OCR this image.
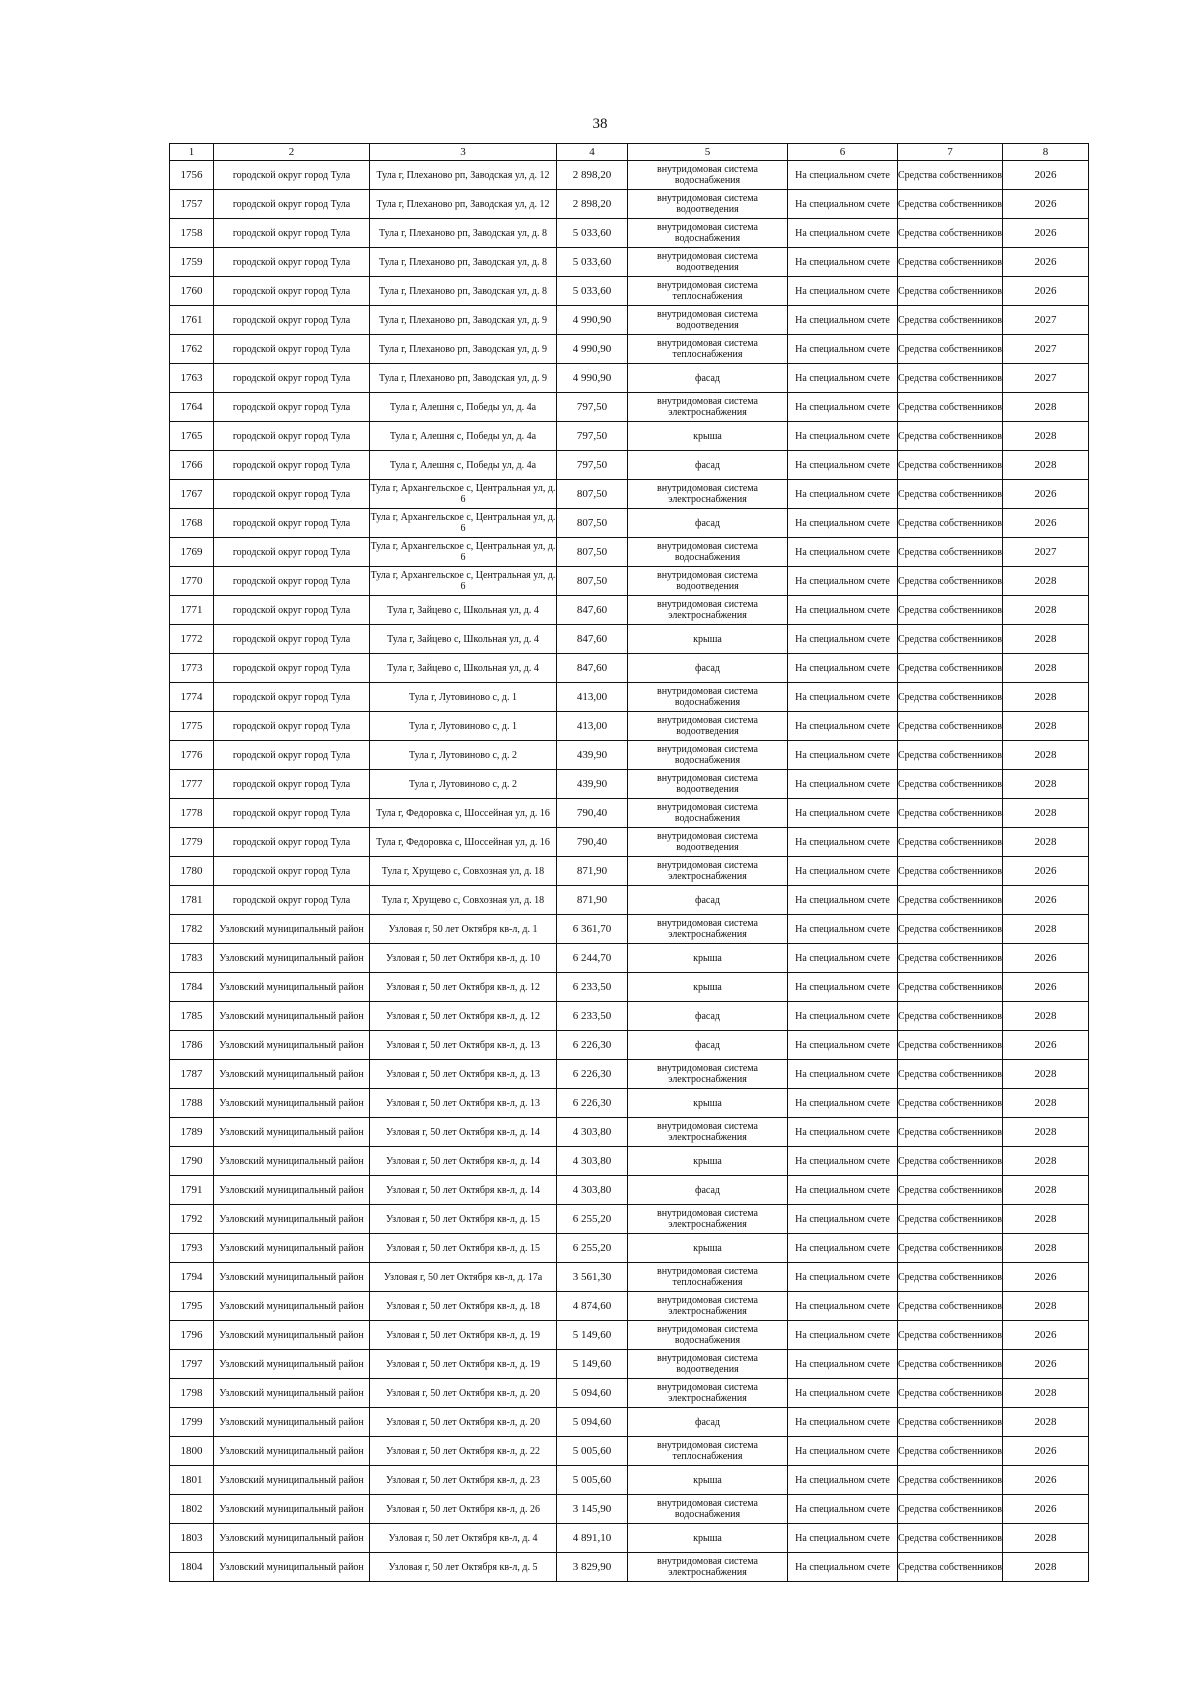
38
1	2	3	4	5	6	7	8
1756	городской округ город Тула	Тула г, Плеханово рп, Заводская ул, д. 12	2 898,20	внутридомовая система водоснабжения	На специальном счете	Средства собственников	2026
1757	городской округ город Тула	Тула г, Плеханово рп, Заводская ул, д. 12	2 898,20	внутридомовая система водоотведения	На специальном счете	Средства собственников	2026
1758	городской округ город Тула	Тула г, Плеханово рп, Заводская ул, д. 8	5 033,60	внутридомовая система водоснабжения	На специальном счете	Средства собственников	2026
1759	городской округ город Тула	Тула г, Плеханово рп, Заводская ул, д. 8	5 033,60	внутридомовая система водоотведения	На специальном счете	Средства собственников	2026
1760	городской округ город Тула	Тула г, Плеханово рп, Заводская ул, д. 8	5 033,60	внутридомовая система теплоснабжения	На специальном счете	Средства собственников	2026
1761	городской округ город Тула	Тула г, Плеханово рп, Заводская ул, д. 9	4 990,90	внутридомовая система водоотведения	На специальном счете	Средства собственников	2027
1762	городской округ город Тула	Тула г, Плеханово рп, Заводская ул, д. 9	4 990,90	внутридомовая система теплоснабжения	На специальном счете	Средства собственников	2027
1763	городской округ город Тула	Тула г, Плеханово рп, Заводская ул, д. 9	4 990,90	фасад	На специальном счете	Средства собственников	2027
1764	городской округ город Тула	Тула г, Алешня с, Победы ул, д. 4а	797,50	внутридомовая система электроснабжения	На специальном счете	Средства собственников	2028
1765	городской округ город Тула	Тула г, Алешня с, Победы ул, д. 4а	797,50	крыша	На специальном счете	Средства собственников	2028
1766	городской округ город Тула	Тула г, Алешня с, Победы ул, д. 4а	797,50	фасад	На специальном счете	Средства собственников	2028
1767	городской округ город Тула	Тула г, Архангельское с, Центральная ул, д. 6	807,50	внутридомовая система электроснабжения	На специальном счете	Средства собственников	2026
1768	городской округ город Тула	Тула г, Архангельское с, Центральная ул, д. 6	807,50	фасад	На специальном счете	Средства собственников	2026
1769	городской округ город Тула	Тула г, Архангельское с, Центральная ул, д. 6	807,50	внутридомовая система водоснабжения	На специальном счете	Средства собственников	2027
1770	городской округ город Тула	Тула г, Архангельское с, Центральная ул, д. 6	807,50	внутридомовая система водоотведения	На специальном счете	Средства собственников	2028
1771	городской округ город Тула	Тула г, Зайцево с, Школьная ул, д. 4	847,60	внутридомовая система электроснабжения	На специальном счете	Средства собственников	2028
1772	городской округ город Тула	Тула г, Зайцево с, Школьная ул, д. 4	847,60	крыша	На специальном счете	Средства собственников	2028
1773	городской округ город Тула	Тула г, Зайцево с, Школьная ул, д. 4	847,60	фасад	На специальном счете	Средства собственников	2028
1774	городской округ город Тула	Тула г, Лутовиново с, д. 1	413,00	внутридомовая система водоснабжения	На специальном счете	Средства собственников	2028
1775	городской округ город Тула	Тула г, Лутовиново с, д. 1	413,00	внутридомовая система водоотведения	На специальном счете	Средства собственников	2028
1776	городской округ город Тула	Тула г, Лутовиново с, д. 2	439,90	внутридомовая система водоснабжения	На специальном счете	Средства собственников	2028
1777	городской округ город Тула	Тула г, Лутовиново с, д. 2	439,90	внутридомовая система водоотведения	На специальном счете	Средства собственников	2028
1778	городской округ город Тула	Тула г, Федоровка с, Шоссейная ул, д. 16	790,40	внутридомовая система водоснабжения	На специальном счете	Средства собственников	2028
1779	городской округ город Тула	Тула г, Федоровка с, Шоссейная ул, д. 16	790,40	внутридомовая система водоотведения	На специальном счете	Средства собственников	2028
1780	городской округ город Тула	Тула г, Хрущево с, Совхозная ул, д. 18	871,90	внутридомовая система электроснабжения	На специальном счете	Средства собственников	2026
1781	городской округ город Тула	Тула г, Хрущево с, Совхозная ул, д. 18	871,90	фасад	На специальном счете	Средства собственников	2026
1782	Узловский муниципальный район	Узловая г, 50 лет Октября кв-л, д. 1	6 361,70	внутридомовая система электроснабжения	На специальном счете	Средства собственников	2028
1783	Узловский муниципальный район	Узловая г, 50 лет Октября кв-л, д. 10	6 244,70	крыша	На специальном счете	Средства собственников	2026
1784	Узловский муниципальный район	Узловая г, 50 лет Октября кв-л, д. 12	6 233,50	крыша	На специальном счете	Средства собственников	2026
1785	Узловский муниципальный район	Узловая г, 50 лет Октября кв-л, д. 12	6 233,50	фасад	На специальном счете	Средства собственников	2028
1786	Узловский муниципальный район	Узловая г, 50 лет Октября кв-л, д. 13	6 226,30	фасад	На специальном счете	Средства собственников	2026
1787	Узловский муниципальный район	Узловая г, 50 лет Октября кв-л, д. 13	6 226,30	внутридомовая система электроснабжения	На специальном счете	Средства собственников	2028
1788	Узловский муниципальный район	Узловая г, 50 лет Октября кв-л, д. 13	6 226,30	крыша	На специальном счете	Средства собственников	2028
1789	Узловский муниципальный район	Узловая г, 50 лет Октября кв-л, д. 14	4 303,80	внутридомовая система электроснабжения	На специальном счете	Средства собственников	2028
1790	Узловский муниципальный район	Узловая г, 50 лет Октября кв-л, д. 14	4 303,80	крыша	На специальном счете	Средства собственников	2028
1791	Узловский муниципальный район	Узловая г, 50 лет Октября кв-л, д. 14	4 303,80	фасад	На специальном счете	Средства собственников	2028
1792	Узловский муниципальный район	Узловая г, 50 лет Октября кв-л, д. 15	6 255,20	внутридомовая система электроснабжения	На специальном счете	Средства собственников	2028
1793	Узловский муниципальный район	Узловая г, 50 лет Октября кв-л, д. 15	6 255,20	крыша	На специальном счете	Средства собственников	2028
1794	Узловский муниципальный район	Узловая г, 50 лет Октября кв-л, д. 17а	3 561,30	внутридомовая система теплоснабжения	На специальном счете	Средства собственников	2026
1795	Узловский муниципальный район	Узловая г, 50 лет Октября кв-л, д. 18	4 874,60	внутридомовая система электроснабжения	На специальном счете	Средства собственников	2028
1796	Узловский муниципальный район	Узловая г, 50 лет Октября кв-л, д. 19	5 149,60	внутридомовая система водоснабжения	На специальном счете	Средства собственников	2026
1797	Узловский муниципальный район	Узловая г, 50 лет Октября кв-л, д. 19	5 149,60	внутридомовая система водоотведения	На специальном счете	Средства собственников	2026
1798	Узловский муниципальный район	Узловая г, 50 лет Октября кв-л, д. 20	5 094,60	внутридомовая система электроснабжения	На специальном счете	Средства собственников	2028
1799	Узловский муниципальный район	Узловая г, 50 лет Октября кв-л, д. 20	5 094,60	фасад	На специальном счете	Средства собственников	2028
1800	Узловский муниципальный район	Узловая г, 50 лет Октября кв-л, д. 22	5 005,60	внутридомовая система теплоснабжения	На специальном счете	Средства собственников	2026
1801	Узловский муниципальный район	Узловая г, 50 лет Октября кв-л, д. 23	5 005,60	крыша	На специальном счете	Средства собственников	2026
1802	Узловский муниципальный район	Узловая г, 50 лет Октября кв-л, д. 26	3 145,90	внутридомовая система водоснабжения	На специальном счете	Средства собственников	2026
1803	Узловский муниципальный район	Узловая г, 50 лет Октября кв-л, д. 4	4 891,10	крыша	На специальном счете	Средства собственников	2028
1804	Узловский муниципальный район	Узловая г, 50 лет Октября кв-л, д. 5	3 829,90	внутридомовая система электроснабжения	На специальном счете	Средства собственников	2028
